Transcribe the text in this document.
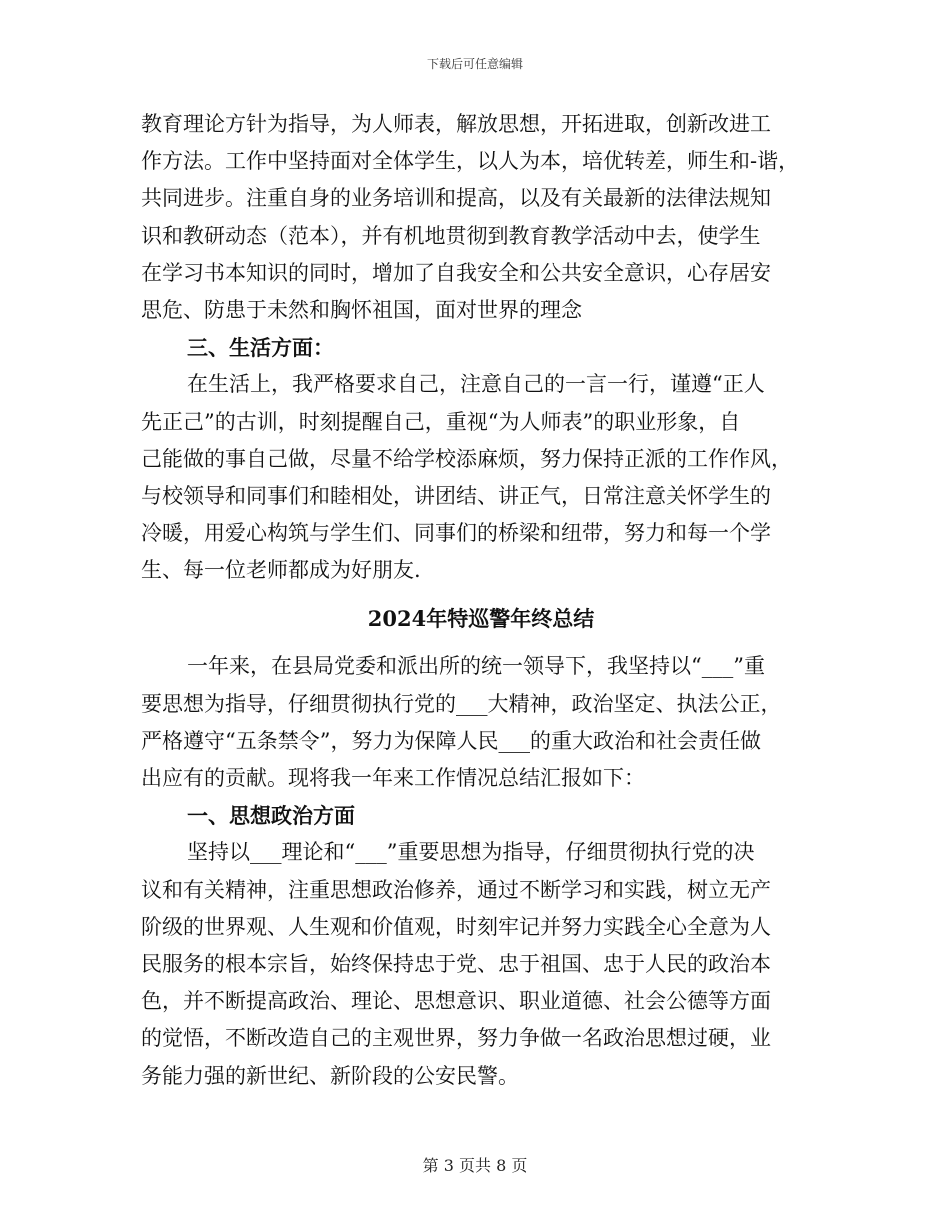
下载后可任意编辑
教育理论方针为指导，为人师表，解放思想，开拓进取，创新改进工
作方法。工作中坚持面对全体学生，以人为本，培优转差，师生和-谐，
共同进步。注重自身的业务培训和提高，以及有关最新的法律法规知
识和教研动态（范本），并有机地贯彻到教育教学活动中去，使学生
在学习书本知识的同时，增加了自我安全和公共安全意识，心存居安
思危、防患于未然和胸怀祖国，面对世界的理念
三、生活方面：
在生活上，我严格要求自己，注意自己的一言一行，谨遵“正人
先正己”的古训，时刻提醒自己，重视“为人师表”的职业形象，自
己能做的事自己做，尽量不给学校添麻烦，努力保持正派的工作作风，
与校领导和同事们和睦相处，讲团结、讲正气，日常注意关怀学生的
冷暖，用爱心构筑与学生们、同事们的桥梁和纽带，努力和每一个学
生、每一位老师都成为好朋友.
2024年特巡警年终总结
一年来，在县局党委和派出所的统一领导下，我坚持以“___”重
要思想为指导，仔细贯彻执行党的___大精神，政治坚定、执法公正，
严格遵守“五条禁令”，努力为保障人民___的重大政治和社会责任做
出应有的贡献。现将我一年来工作情况总结汇报如下：
一、思想政治方面
坚持以___理论和“___”重要思想为指导，仔细贯彻执行党的决
议和有关精神，注重思想政治修养，通过不断学习和实践，树立无产
阶级的世界观、人生观和价值观，时刻牢记并努力实践全心全意为人
民服务的根本宗旨，始终保持忠于党、忠于祖国、忠于人民的政治本
色，并不断提高政治、理论、思想意识、职业道德、社会公德等方面
的觉悟，不断改造自己的主观世界，努力争做一名政治思想过硬，业
务能力强的新世纪、新阶段的公安民警。
第 3 页共 8 页
